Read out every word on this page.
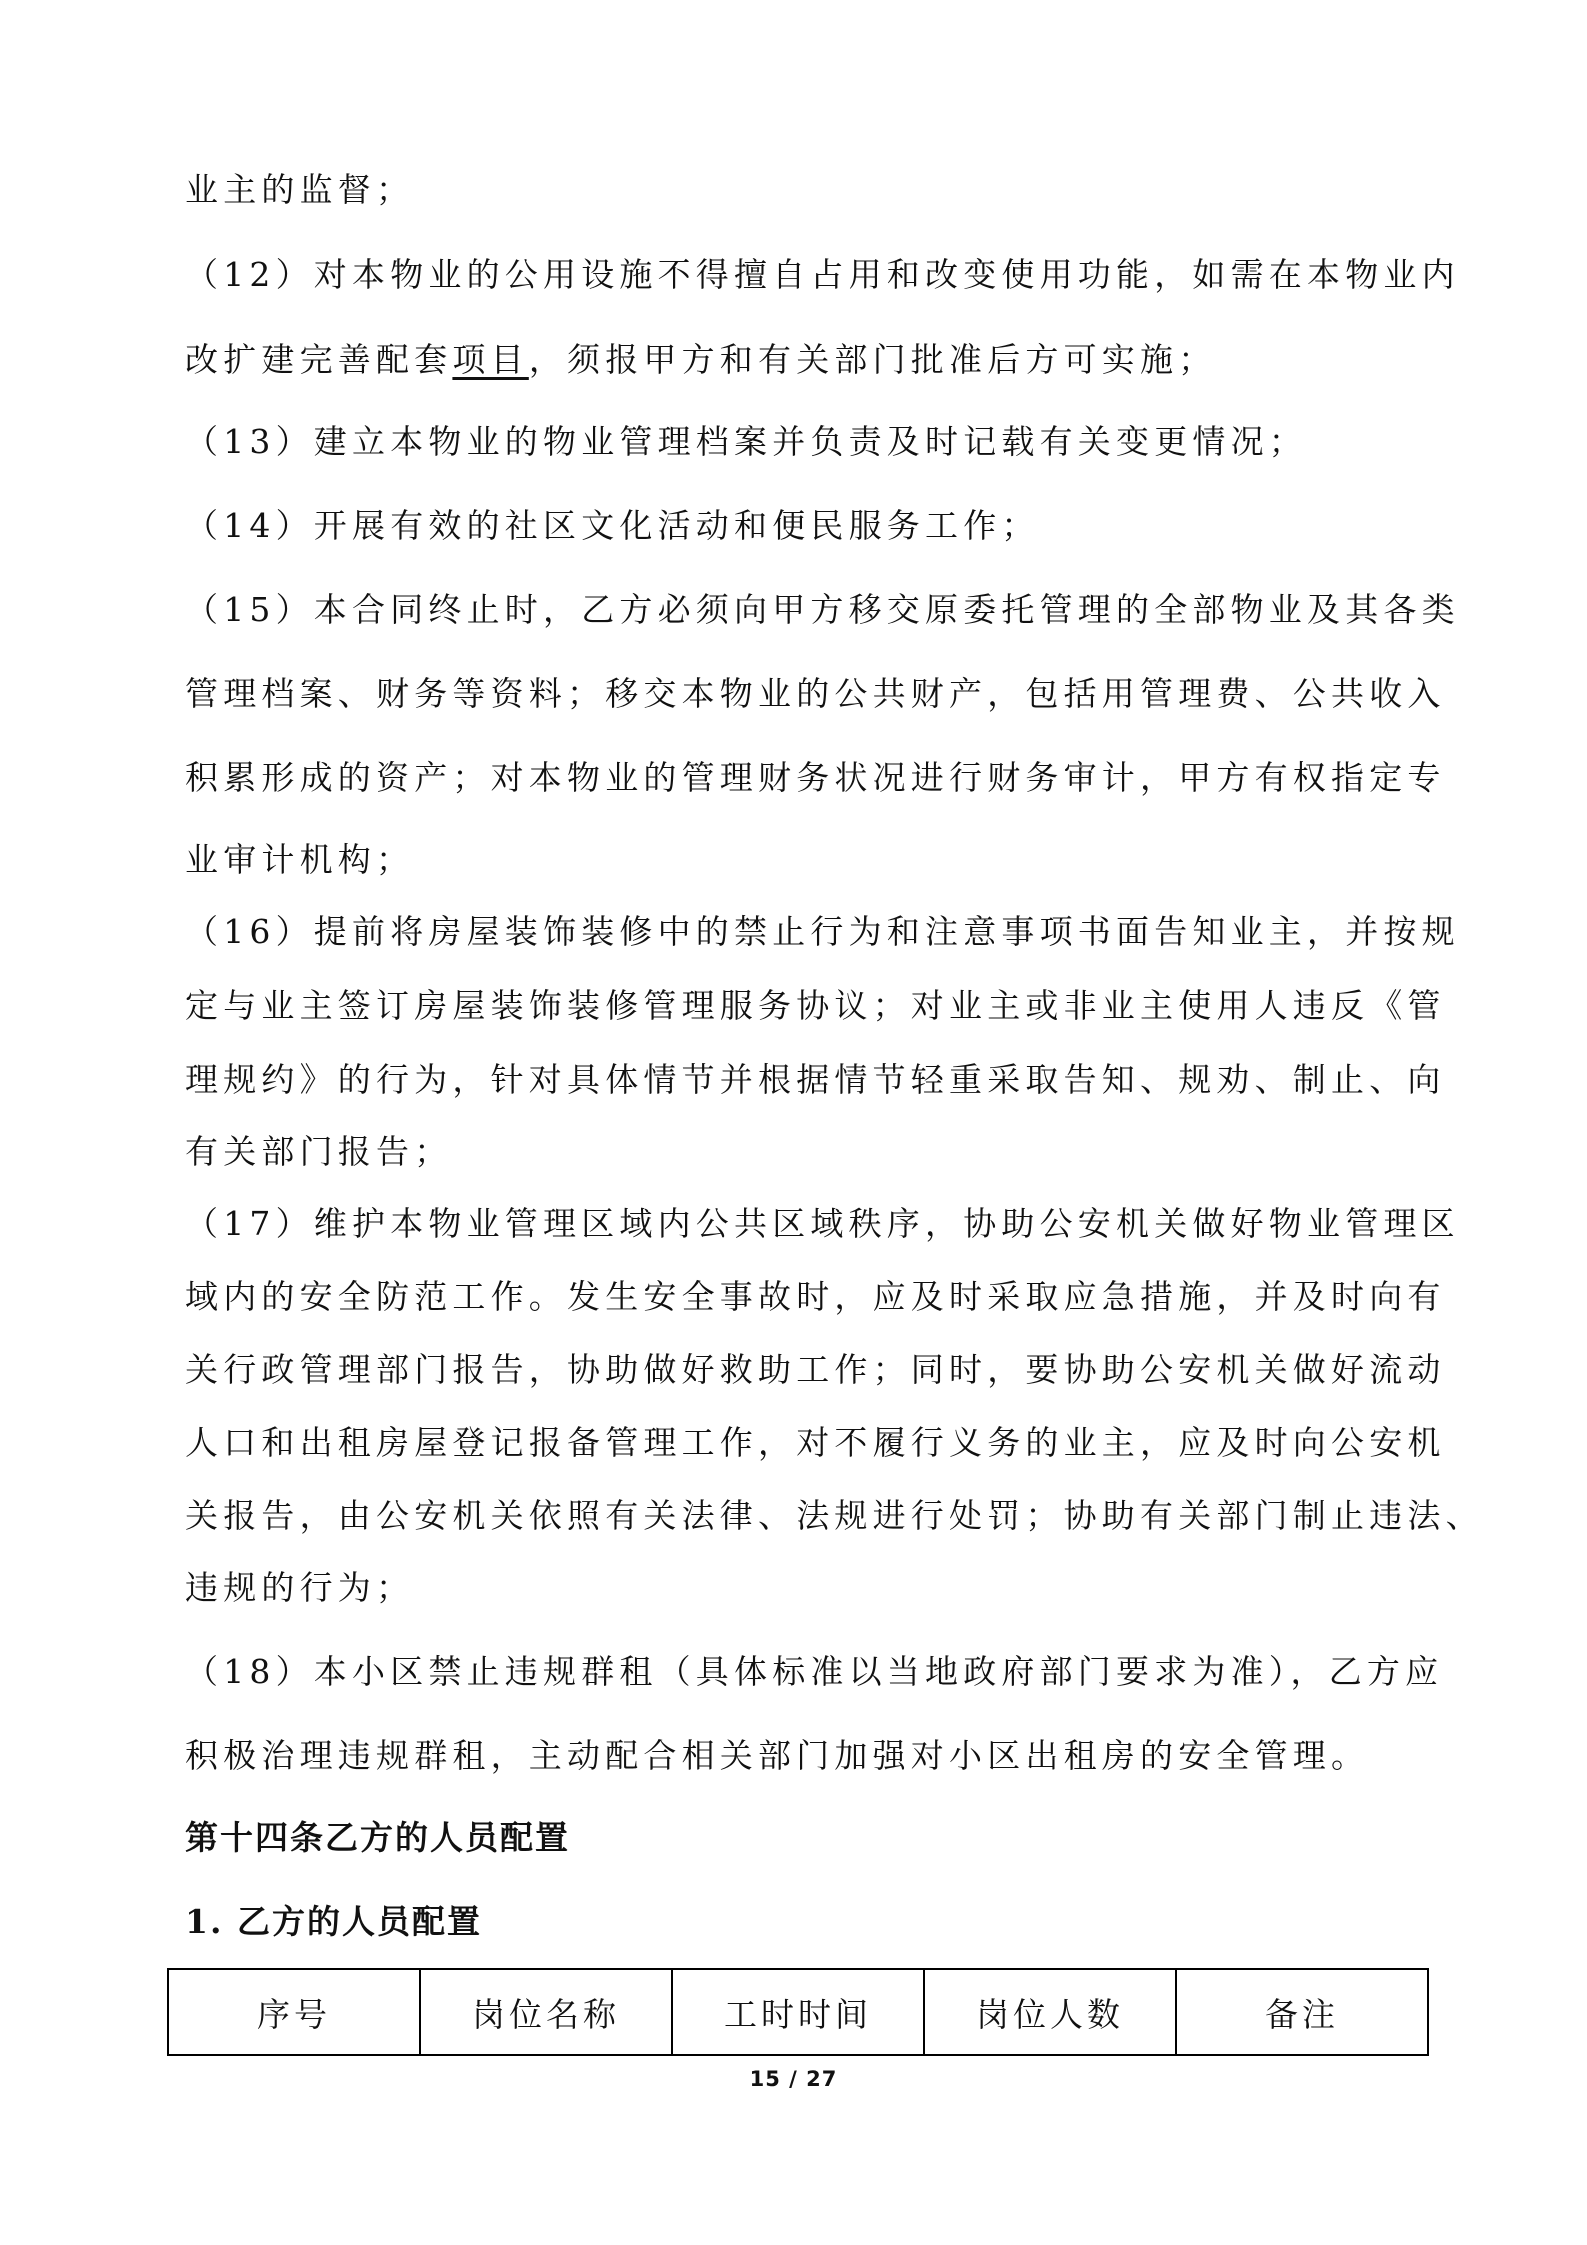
业主的监督；
（12）对本物业的公用设施不得擅自占用和改变使用功能，如需在本物业内
改扩建完善配套项目，须报甲方和有关部门批准后方可实施；
（13）建立本物业的物业管理档案并负责及时记载有关变更情况；
（14）开展有效的社区文化活动和便民服务工作；
（15）本合同终止时，乙方必须向甲方移交原委托管理的全部物业及其各类
管理档案、财务等资料；移交本物业的公共财产，包括用管理费、公共收入
积累形成的资产；对本物业的管理财务状况进行财务审计，甲方有权指定专
业审计机构；
（16）提前将房屋装饰装修中的禁止行为和注意事项书面告知业主，并按规
定与业主签订房屋装饰装修管理服务协议；对业主或非业主使用人违反《管
理规约》的行为，针对具体情节并根据情节轻重采取告知、规劝、制止、向
有关部门报告；
（17）维护本物业管理区域内公共区域秩序，协助公安机关做好物业管理区
域内的安全防范工作。发生安全事故时，应及时采取应急措施，并及时向有
关行政管理部门报告，协助做好救助工作；同时，要协助公安机关做好流动
人口和出租房屋登记报备管理工作，对不履行义务的业主，应及时向公安机
关报告，由公安机关依照有关法律、法规进行处罚；协助有关部门制止违法、
违规的行为；
（18）本小区禁止违规群租（具体标准以当地政府部门要求为准），乙方应
积极治理违规群租，主动配合相关部门加强对小区出租房的安全管理。
第十四条乙方的人员配置
1. 乙方的人员配置
序号	岗位名称	工时时间	岗位人数	备注
15 / 27
